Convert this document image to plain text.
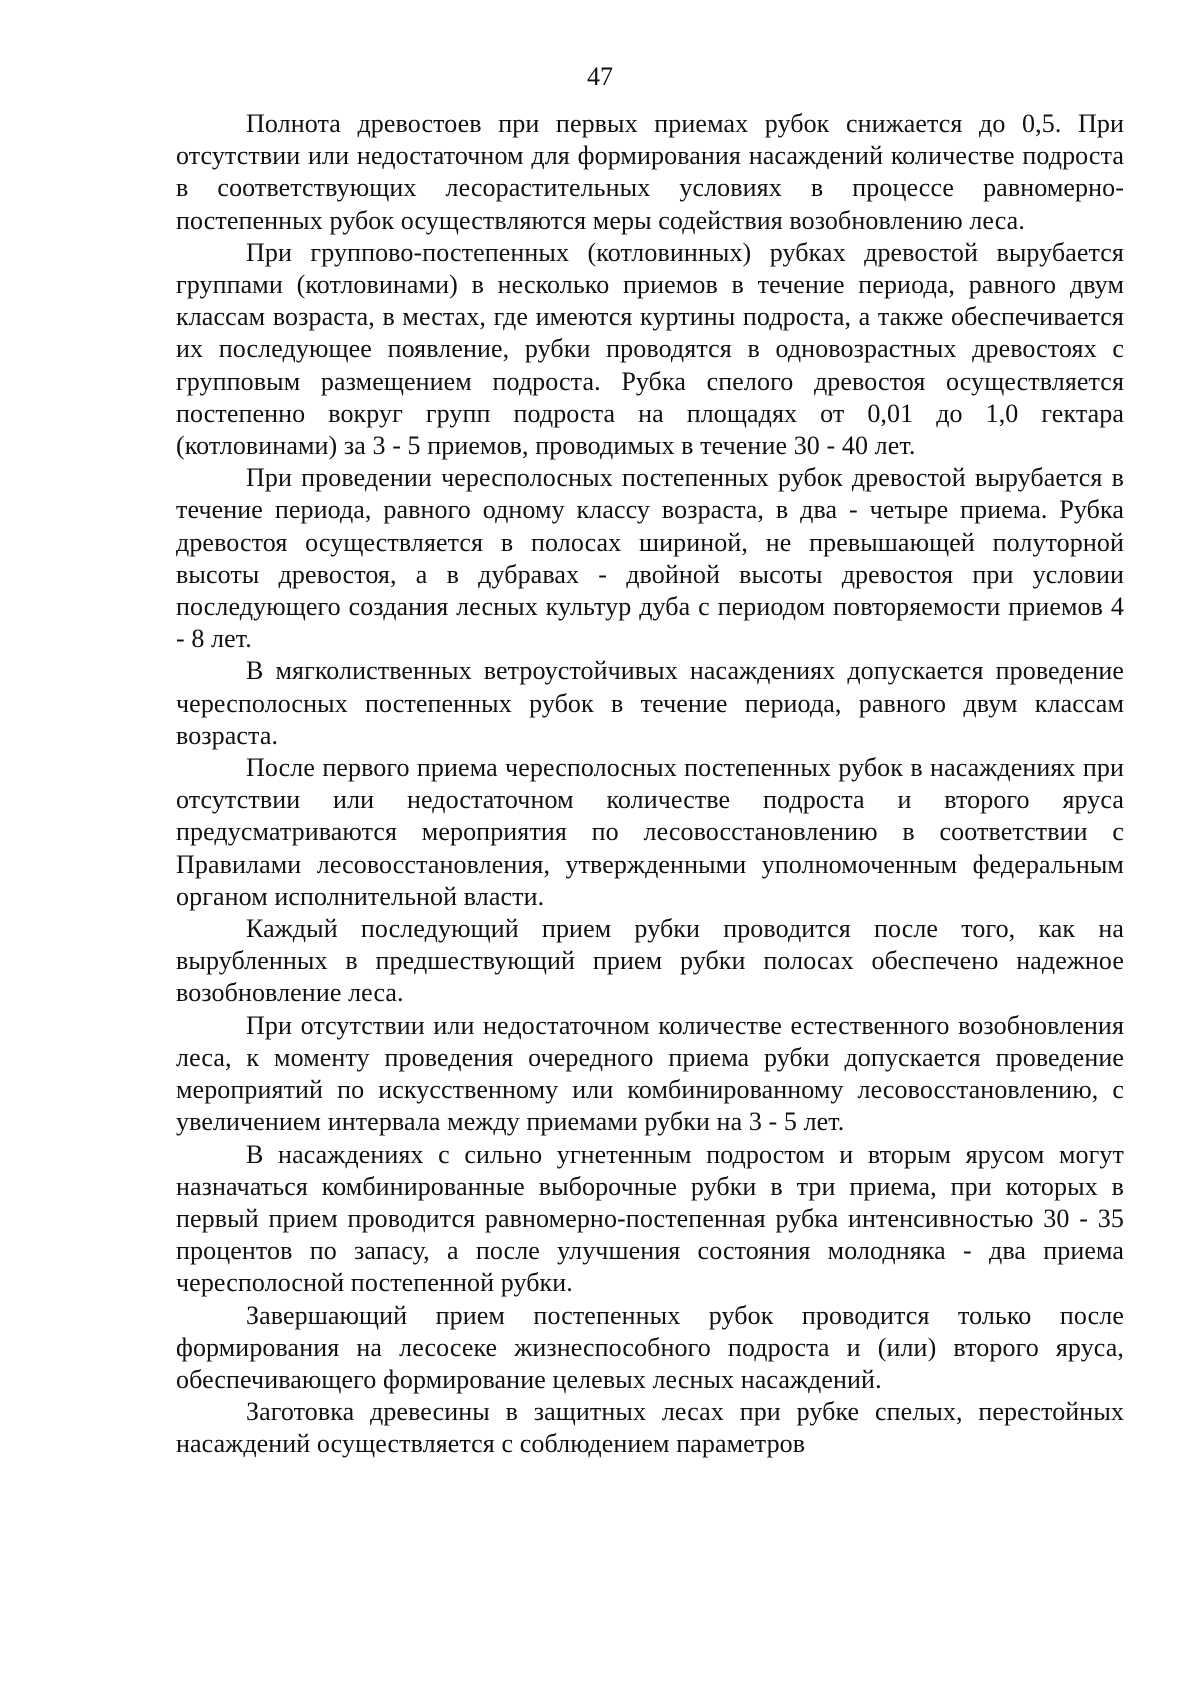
47

Полнота древостоев при первых приемах рубок снижается до 0,5. При отсутствии или недостаточном для формирования насаждений количестве подроста в соответствующих лесорастительных условиях в процессе равномерно-постепенных рубок осуществляются меры содействия возобновлению леса.

При группово-постепенных (котловинных) рубках древостой вырубается группами (котловинами) в несколько приемов в течение периода, равного двум классам возраста, в местах, где имеются куртины подроста, а также обеспечивается их последующее появление, рубки проводятся в одновозрастных древостоях с групповым размещением подроста. Рубка спелого древостоя осуществляется постепенно вокруг групп подроста на площадях от 0,01 до 1,0 гектара (котловинами) за 3 - 5 приемов, проводимых в течение 30 - 40 лет.

При проведении чересполосных постепенных рубок древостой вырубается в течение периода, равного одному классу возраста, в два - четыре приема. Рубка древостоя осуществляется в полосах шириной, не превышающей полуторной высоты древостоя, а в дубравах - двойной высоты древостоя при условии последующего создания лесных культур дуба с периодом повторяемости приемов 4 - 8 лет.

В мягколиственных ветроустойчивых насаждениях допускается проведение чересполосных постепенных рубок в течение периода, равного двум классам возраста.

После первого приема чересполосных постепенных рубок в насаждениях при отсутствии или недостаточном количестве подроста и второго яруса предусматриваются мероприятия по лесовосстановлению в соответствии с Правилами лесовосстановления, утвержденными уполномоченным федеральным органом исполнительной власти.

Каждый последующий прием рубки проводится после того, как на вырубленных в предшествующий прием рубки полосах обеспечено надежное возобновление леса.

При отсутствии или недостаточном количестве естественного возобновления леса, к моменту проведения очередного приема рубки допускается проведение мероприятий по искусственному или комбинированному лесовосстановлению, с увеличением интервала между приемами рубки на 3 - 5 лет.

В насаждениях с сильно угнетенным подростом и вторым ярусом могут назначаться комбинированные выборочные рубки в три приема, при которых в первый прием проводится равномерно-постепенная рубка интенсивностью 30 - 35 процентов по запасу, а после улучшения состояния молодняка - два приема чересполосной постепенной рубки.

Завершающий прием постепенных рубок проводится только после формирования на лесосеке жизнеспособного подроста и (или) второго яруса, обеспечивающего формирование целевых лесных насаждений.

Заготовка древесины в защитных лесах при рубке спелых, перестойных насаждений осуществляется с соблюдением параметров
